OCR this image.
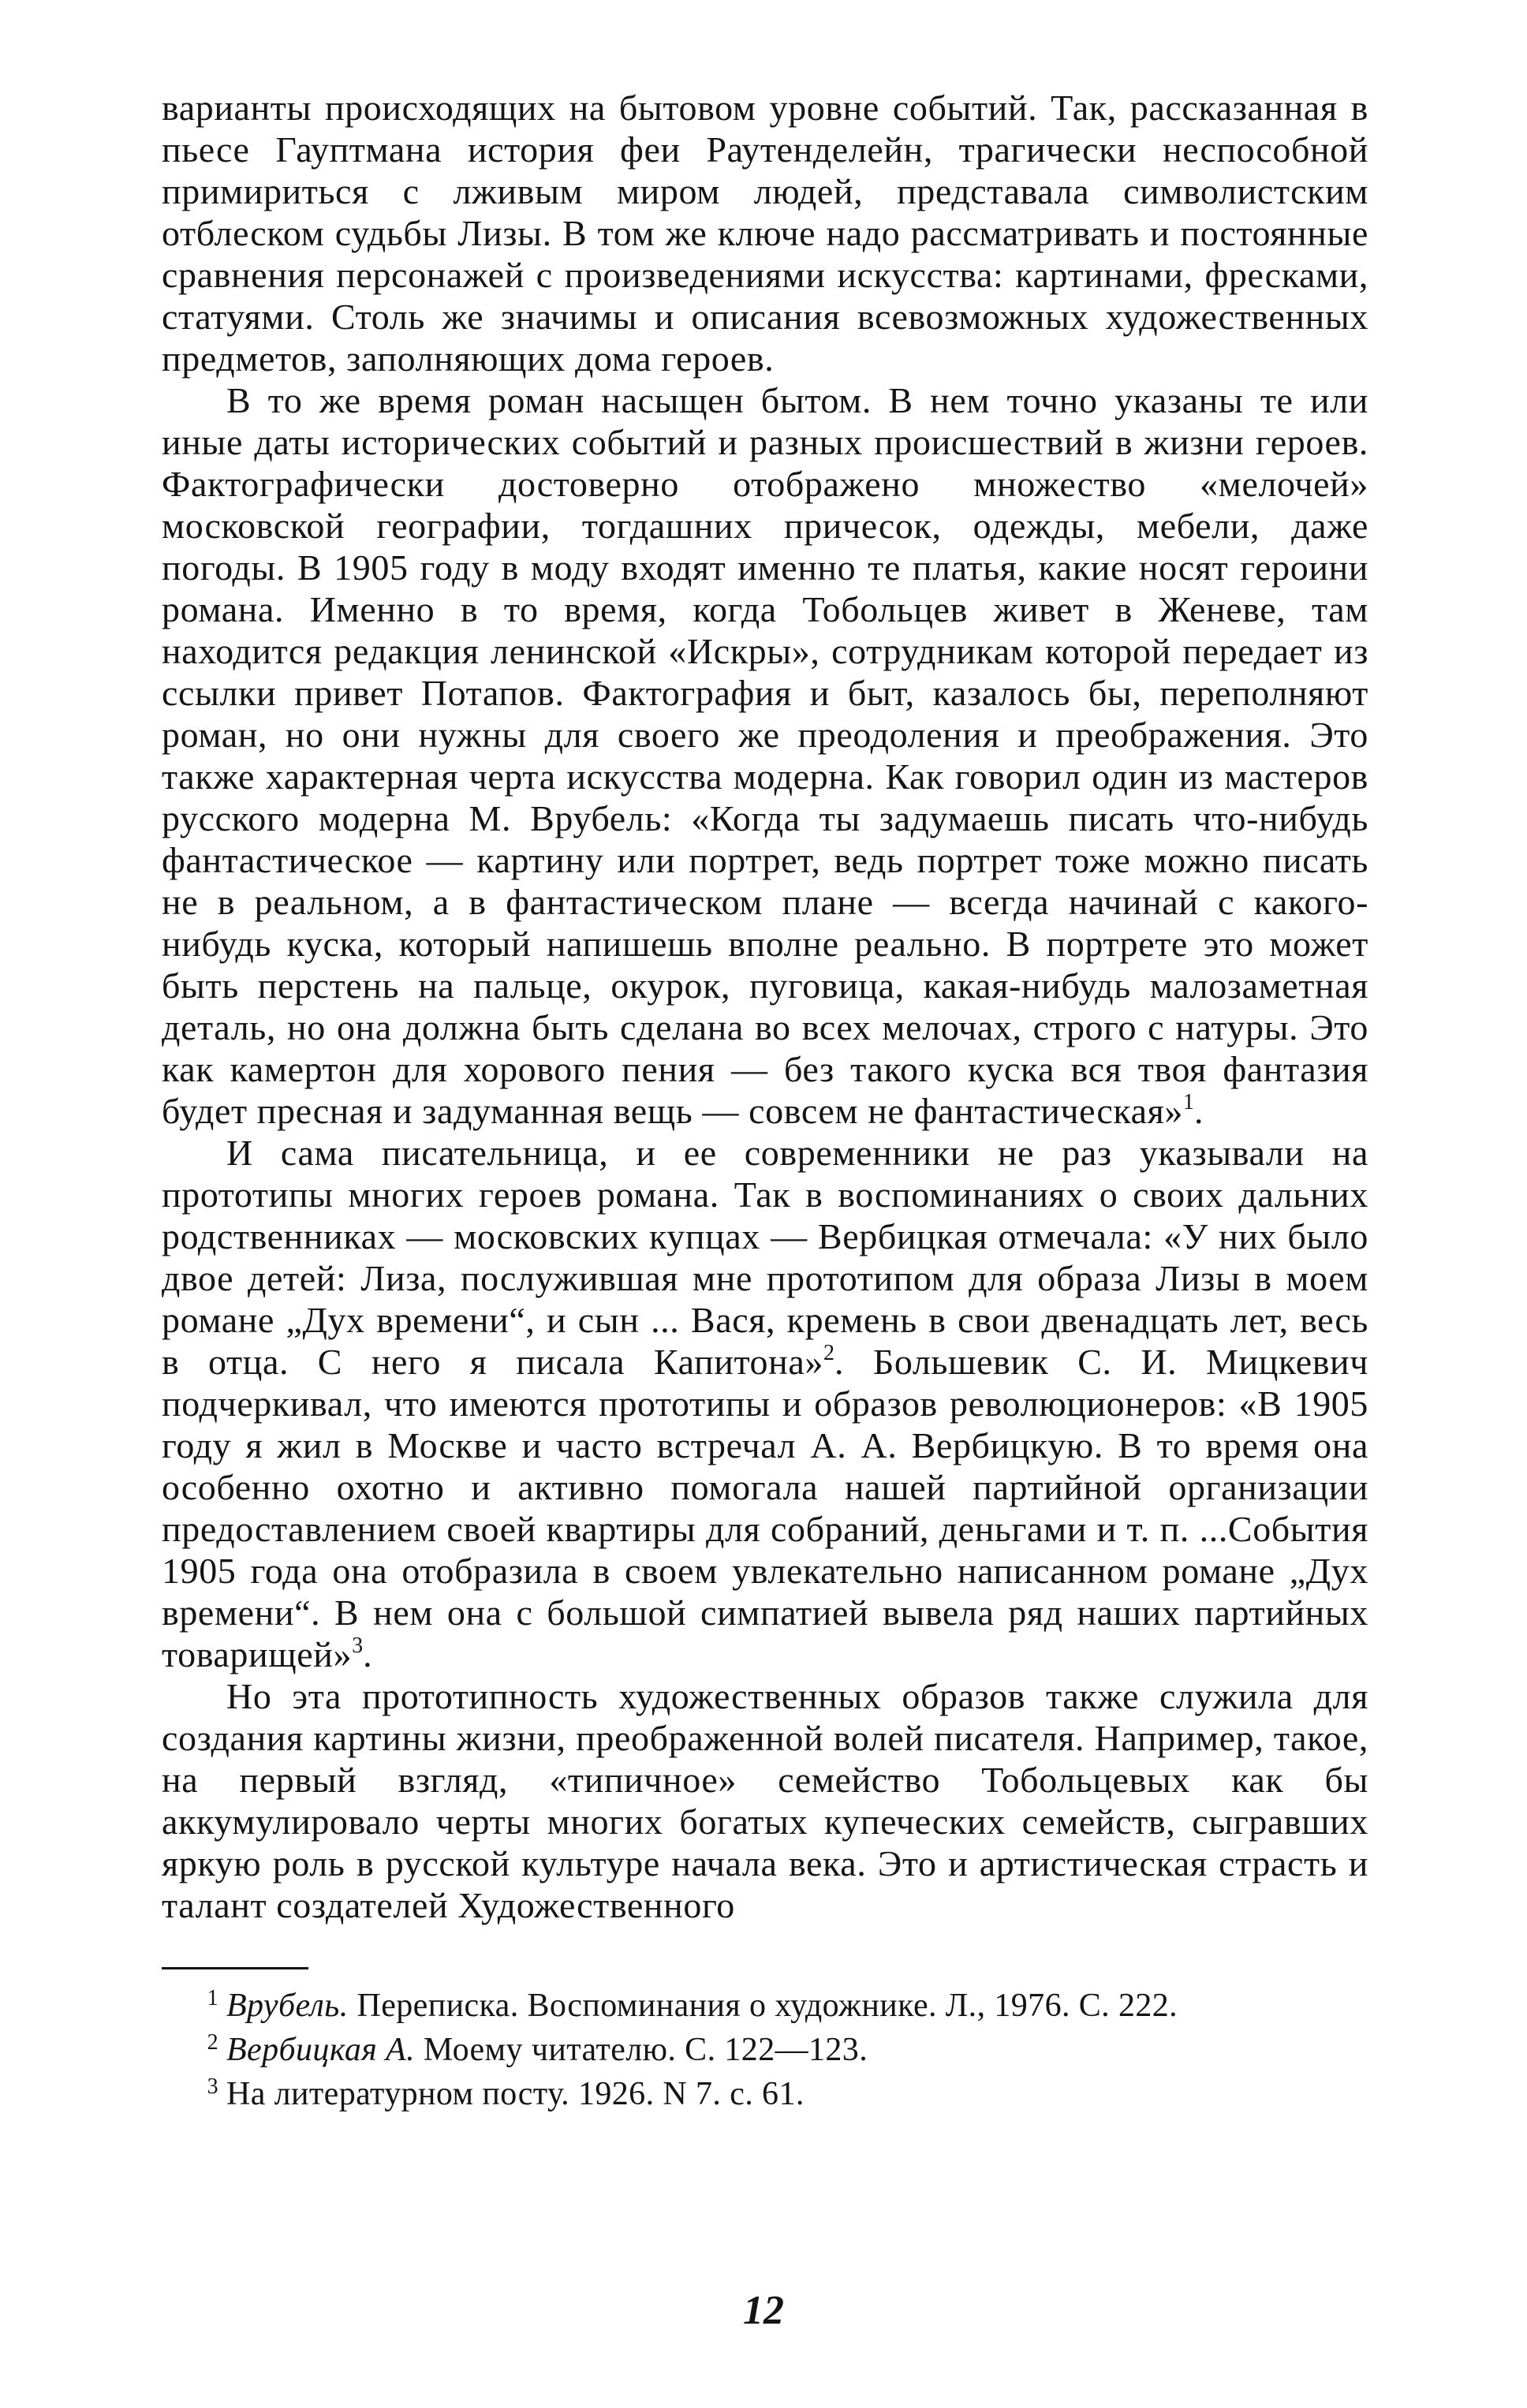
варианты происходящих на бытовом уровне событий. Так, рассказанная в пьесе Гауптмана история феи Раутенделейн, трагически неспособной примириться с лживым миром людей, представала символистским отблеском судьбы Лизы. В том же ключе надо рассматривать и постоянные сравнения персонажей с произведениями искусства: картинами, фресками, статуями. Столь же значимы и описания всевозможных художественных предметов, заполняющих дома героев.

В то же время роман насыщен бытом. В нем точно указаны те или иные даты исторических событий и разных происшествий в жизни героев. Фактографически достоверно отображено множество «мелочей» московской географии, тогдашних причесок, одежды, мебели, даже погоды. В 1905 году в моду входят именно те платья, какие носят героини романа. Именно в то время, когда Тобольцев живет в Женеве, там находится редакция ленинской «Искры», сотрудникам которой передает из ссылки привет Потапов. Фактография и быт, казалось бы, переполняют роман, но они нужны для своего же преодоления и преображения. Это также характерная черта искусства модерна. Как говорил один из мастеров русского модерна М. Врубель: «Когда ты задумаешь писать что-нибудь фантастическое — картину или портрет, ведь портрет тоже можно писать не в реальном, а в фантастическом плане — всегда начинай с какого-нибудь куска, который напишешь вполне реально. В портрете это может быть перстень на пальце, окурок, пуговица, какая-нибудь малозаметная деталь, но она должна быть сделана во всех мелочах, строго с натуры. Это как камертон для хорового пения — без такого куска вся твоя фантазия будет пресная и задуманная вещь — совсем не фантастическая»$^1$.

И сама писательница, и ее современники не раз указывали на прототипы многих героев романа. Так в воспоминаниях о своих дальних родственниках — московских купцах — Вербицкая отмечала: «У них было двое детей: Лиза, послужившая мне прототипом для образа Лизы в моем романе „Дух времени“, и сын ... Вася, кремень в свои двенадцать лет, весь в отца. С него я писала Капитона»$^2$. Большевик С. И. Мицкевич подчеркивал, что имеются прототипы и образов революционеров: «В 1905 году я жил в Москве и часто встречал А. А. Вербицкую. В то время она особенно охотно и активно помогала нашей партийной организации предоставлением своей квартиры для собраний, деньгами и т. п. ...События 1905 года она отобразила в своем увлекательно написанном романе „Дух времени“. В нем она с большой симпатией вывела ряд наших партийных товарищей»$^3$.

Но эта прототипность художественных образов также служила для создания картины жизни, преображенной волей писателя. Например, такое, на первый взгляд, «типичное» семейство Тобольцевых как бы аккумулировало черты многих богатых купеческих семейств, сыгравших яркую роль в русской культуре начала века. Это и артистическая страсть и талант создателей Художественного

1 Врубель. Переписка. Воспоминания о художнике. Л., 1976. С. 222.

2 Вербицкая А. Моему читателю. С. 122—123.

3 На литературном посту. 1926. N 7. с. 61.

12
